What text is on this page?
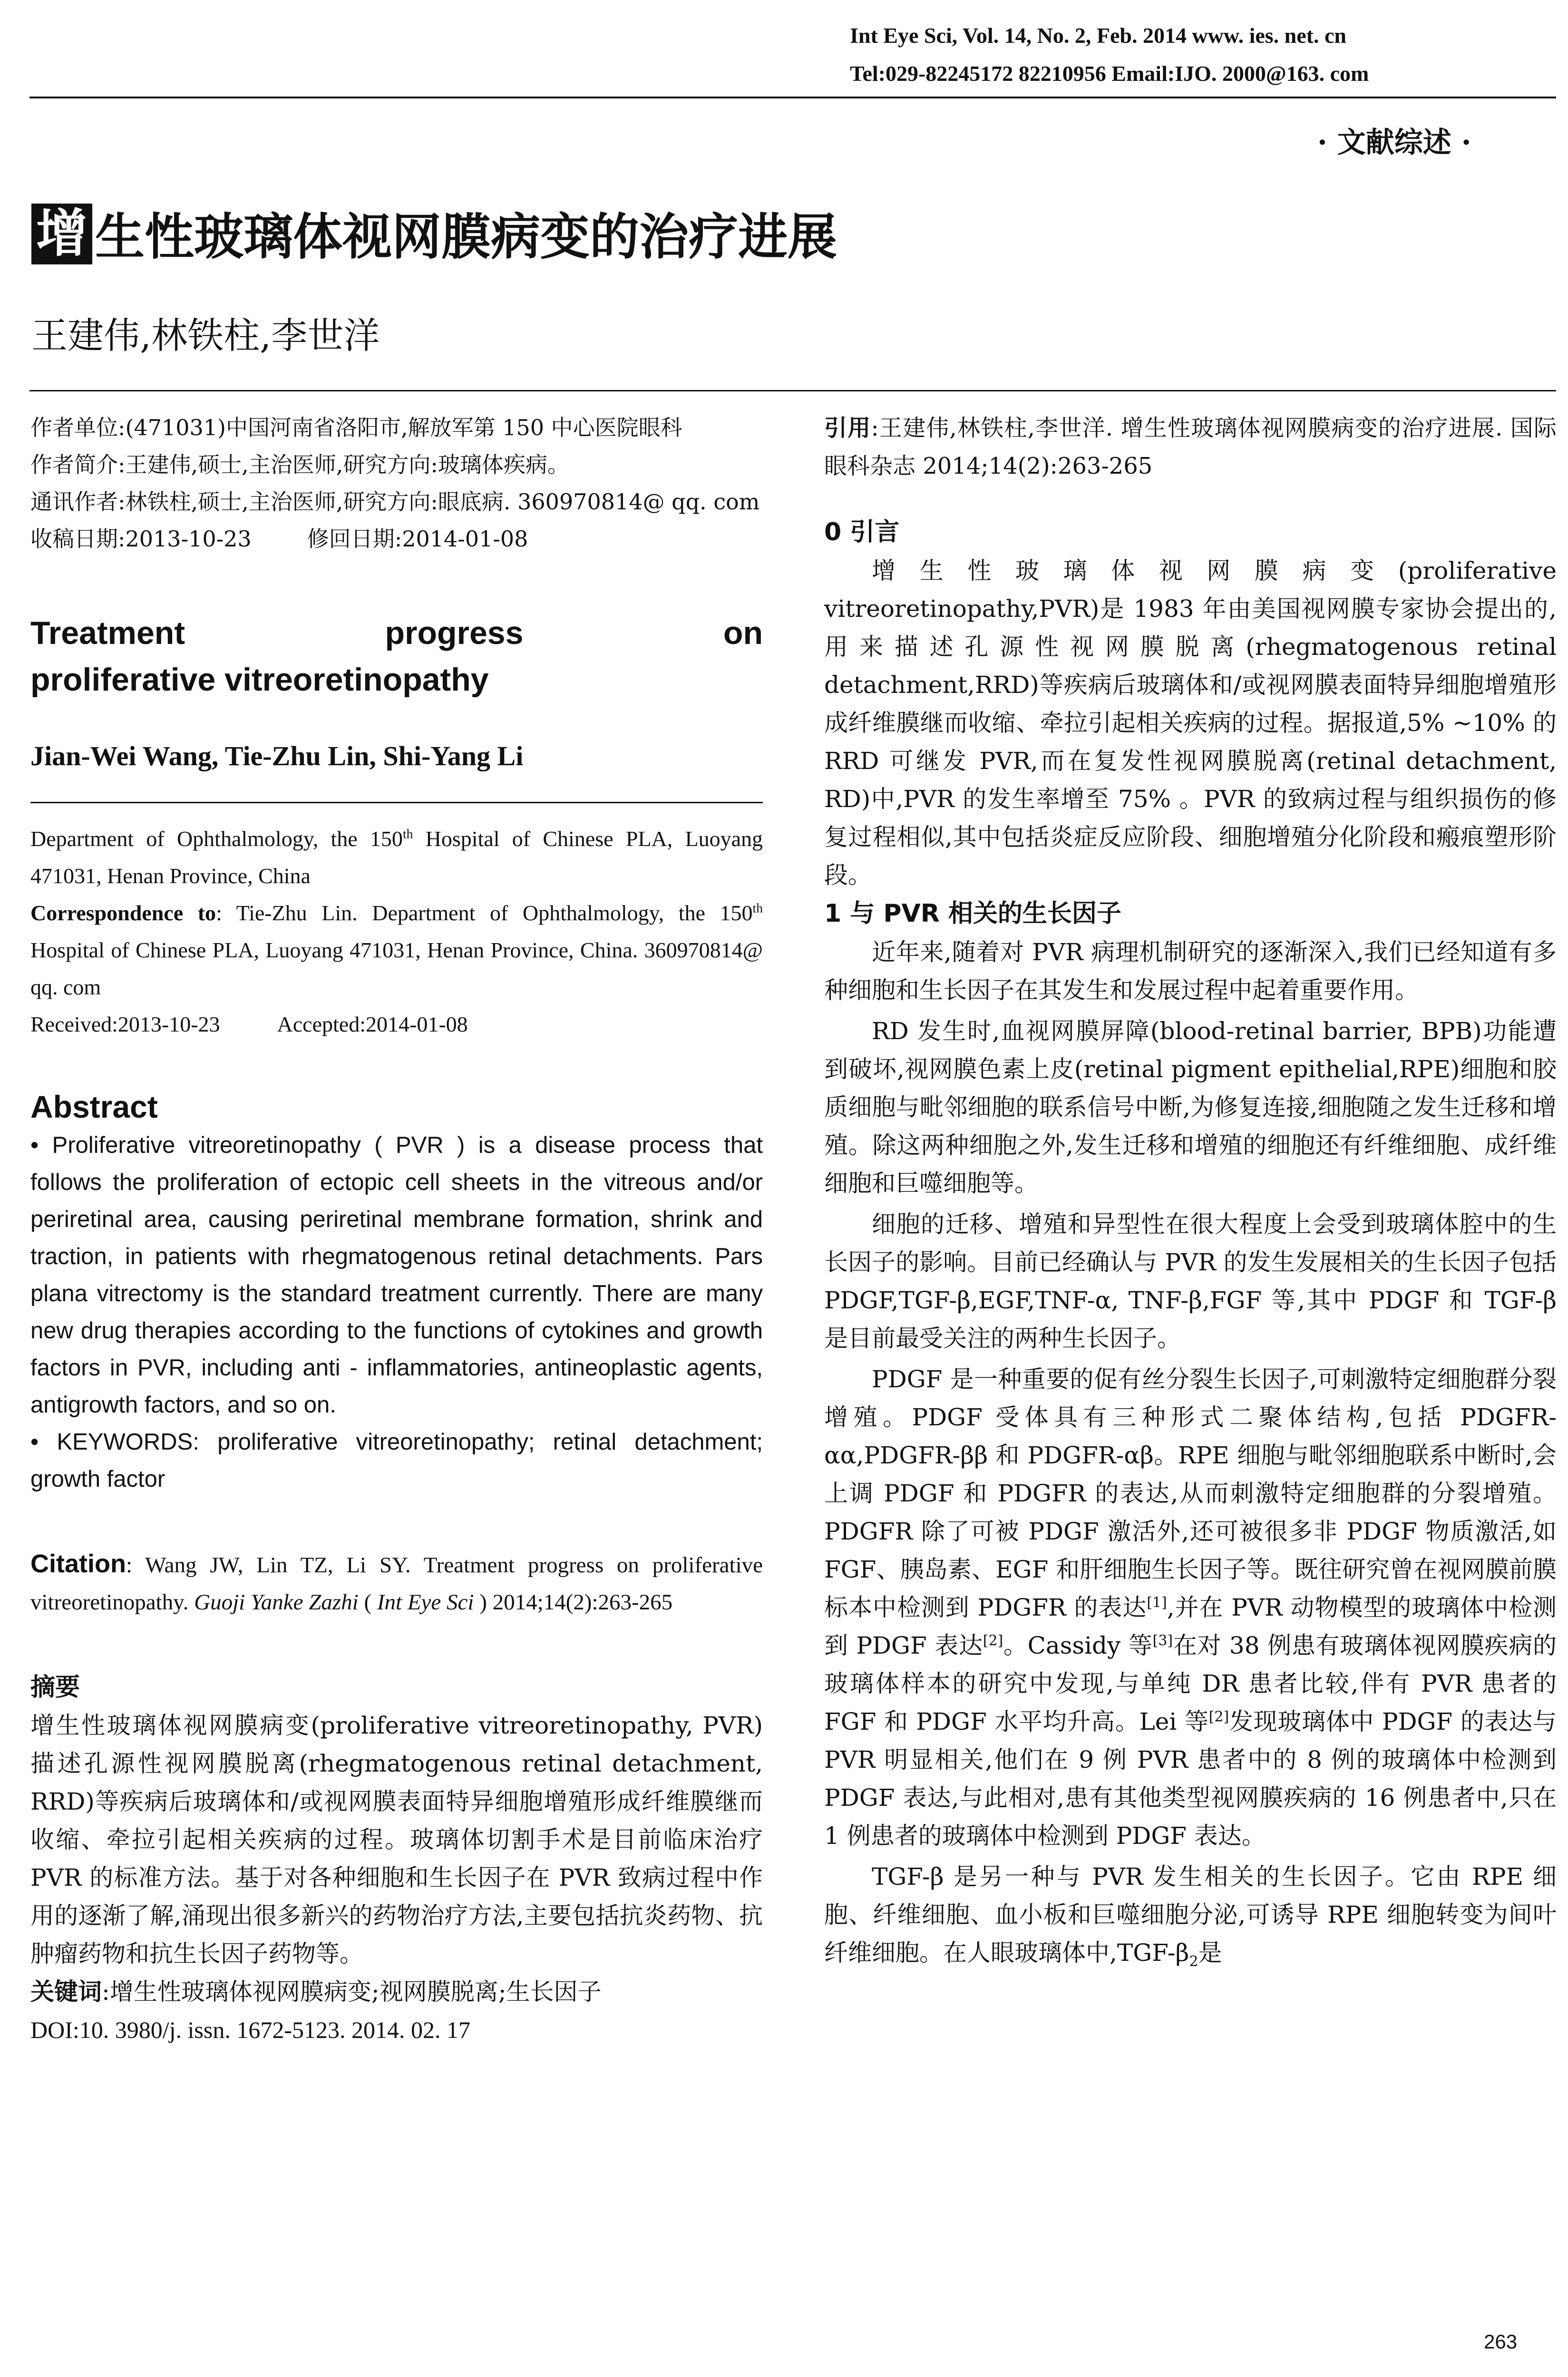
Int Eye Sci, Vol. 14, No. 2, Feb. 2014 www. ies. net. cn
Tel:029-82245172 82210956 Email:IJO. 2000@163. com
· 文献综述 ·
增 生性玻璃体视网膜病变的治疗进展
王建伟,林铁柱,李世洋
作者单位:(471031)中国河南省洛阳市,解放军第 150 中心医院眼科
作者简介:王建伟,硕士,主治医师,研究方向:玻璃体疾病。
通讯作者:林铁柱,硕士,主治医师,研究方向:眼底病. 360970814@ qq. com
收稿日期:2013-10-23        修回日期:2014-01-08
Treatment	progress	on
proliferative vitreoretinopathy
Jian-Wei Wang, Tie-Zhu Lin, Shi-Yang Li
Department of Ophthalmology, the 150th Hospital of Chinese PLA, Luoyang 471031, Henan Province, China
Correspondence to: Tie-Zhu Lin. Department of Ophthalmology, the 150th Hospital of Chinese PLA, Luoyang 471031, Henan Province, China. 360970814@ qq. com
Received:2013-10-23	Accepted:2014-01-08
Abstract
• Proliferative vitreoretinopathy ( PVR ) is a disease process that follows the proliferation of ectopic cell sheets in the vitreous and/or periretinal area, causing periretinal membrane formation, shrink and traction, in patients with rhegmatogenous retinal detachments. Pars plana vitrectomy is the standard treatment currently. There are many new drug therapies according to the functions of cytokines and growth factors in PVR, including anti - inflammatories, antineoplastic agents, antigrowth factors, and so on.
• KEYWORDS: proliferative vitreoretinopathy; retinal detachment; growth factor
Citation: Wang JW, Lin TZ, Li SY. Treatment progress on proliferative vitreoretinopathy. Guoji Yanke Zazhi ( Int Eye Sci ) 2014;14(2):263-265
摘要
增生性玻璃体视网膜病变(proliferative vitreoretinopathy, PVR)描述孔源性视网膜脱离(rhegmatogenous retinal detachment, RRD)等疾病后玻璃体和/或视网膜表面特异细胞增殖形成纤维膜继而收缩、牵拉引起相关疾病的过程。玻璃体切割手术是目前临床治疗 PVR 的标准方法。基于对各种细胞和生长因子在 PVR 致病过程中作用的逐渐了解,涌现出很多新兴的药物治疗方法,主要包括抗炎药物、抗肿瘤药物和抗生长因子药物等。
关键词:增生性玻璃体视网膜病变;视网膜脱离;生长因子
DOI:10. 3980/j. issn. 1672-5123. 2014. 02. 17
引用:王建伟,林铁柱,李世洋. 增生性玻璃体视网膜病变的治疗进展. 国际眼科杂志 2014;14(2):263-265
0 引言
增生性玻璃体视网膜病变(proliferative vitreoretinopathy,PVR)是 1983 年由美国视网膜专家协会提出的,用来描述孔源性视网膜脱离(rhegmatogenous retinal detachment,RRD)等疾病后玻璃体和/或视网膜表面特异细胞增殖形成纤维膜继而收缩、牵拉引起相关疾病的过程。据报道,5% ~10% 的 RRD 可继发 PVR,而在复发性视网膜脱离(retinal detachment, RD)中,PVR 的发生率增至 75% 。PVR 的致病过程与组织损伤的修复过程相似,其中包括炎症反应阶段、细胞增殖分化阶段和瘢痕塑形阶段。
1 与 PVR 相关的生长因子
近年来,随着对 PVR 病理机制研究的逐渐深入,我们已经知道有多种细胞和生长因子在其发生和发展过程中起着重要作用。
RD 发生时,血视网膜屏障(blood-retinal barrier, BPB)功能遭到破坏,视网膜色素上皮(retinal pigment epithelial,RPE)细胞和胶质细胞与毗邻细胞的联系信号中断,为修复连接,细胞随之发生迁移和增殖。除这两种细胞之外,发生迁移和增殖的细胞还有纤维细胞、成纤维细胞和巨噬细胞等。
细胞的迁移、增殖和异型性在很大程度上会受到玻璃体腔中的生长因子的影响。目前已经确认与 PVR 的发生发展相关的生长因子包括 PDGF,TGF-β,EGF,TNF-α, TNF-β,FGF 等,其中 PDGF 和 TGF-β 是目前最受关注的两种生长因子。
PDGF 是一种重要的促有丝分裂生长因子,可刺激特定细胞群分裂增殖。PDGF 受体具有三种形式二聚体结构,包括 PDGFR-αα,PDGFR-ββ 和 PDGFR-αβ。RPE 细胞与毗邻细胞联系中断时,会上调 PDGF 和 PDGFR 的表达,从而刺激特定细胞群的分裂增殖。PDGFR 除了可被 PDGF 激活外,还可被很多非 PDGF 物质激活,如 FGF、胰岛素、EGF 和肝细胞生长因子等。既往研究曾在视网膜前膜标本中检测到 PDGFR 的表达[1],并在 PVR 动物模型的玻璃体中检测到 PDGF 表达[2]。Cassidy 等[3]在对 38 例患有玻璃体视网膜疾病的玻璃体样本的研究中发现,与单纯 DR 患者比较,伴有 PVR 患者的 FGF 和 PDGF 水平均升高。Lei 等[2]发现玻璃体中 PDGF 的表达与 PVR 明显相关,他们在 9 例 PVR 患者中的 8 例的玻璃体中检测到 PDGF 表达,与此相对,患有其他类型视网膜疾病的 16 例患者中,只在 1 例患者的玻璃体中检测到 PDGF 表达。
TGF-β 是另一种与 PVR 发生相关的生长因子。它由 RPE 细胞、纤维细胞、血小板和巨噬细胞分泌,可诱导 RPE 细胞转变为间叶纤维细胞。在人眼玻璃体中$,TGF-\beta_2$是
263
